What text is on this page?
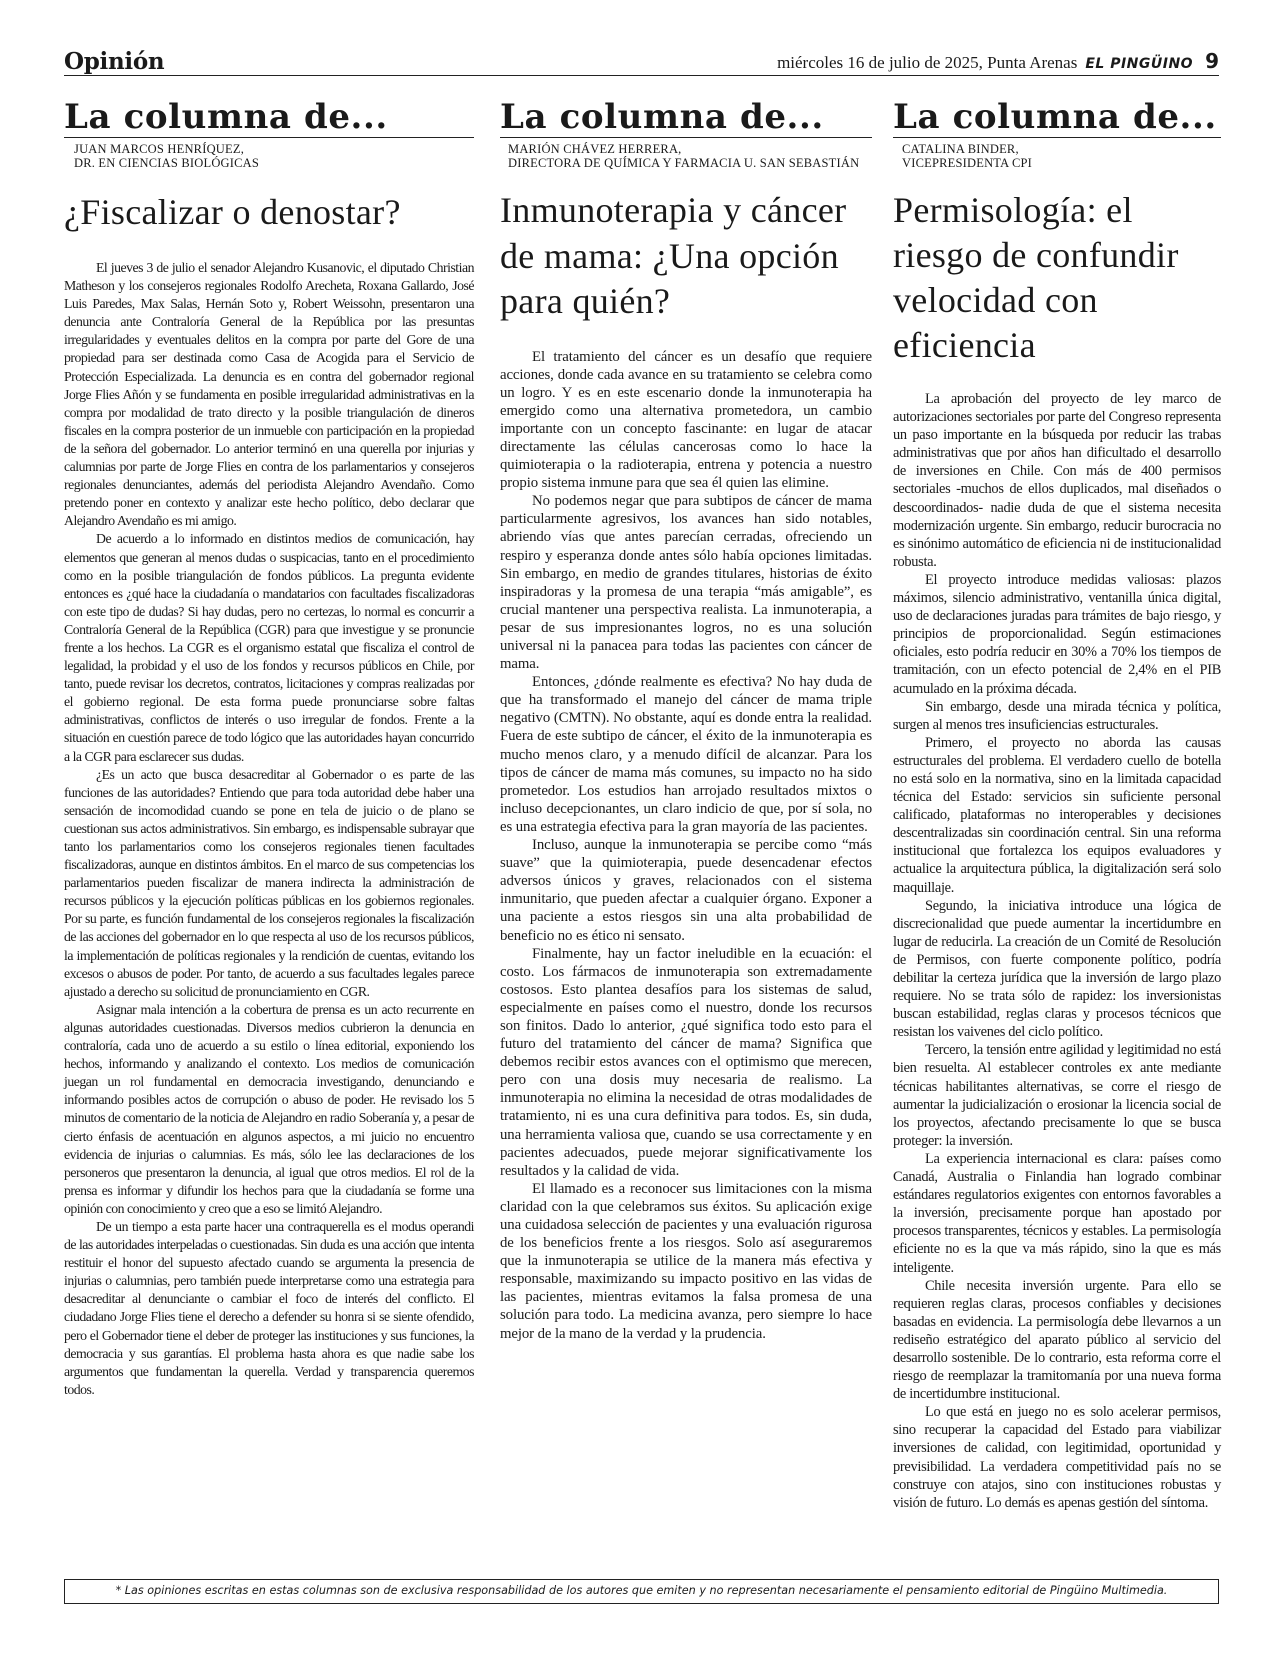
Opinión	miércoles 16 de julio de 2025, Punta Arenas EL PINGÜINO 9
La columna de...
JUAN MARCOS HENRÍQUEZ,
DR. EN CIENCIAS BIOLÓGICAS
¿Fiscalizar o denostar?

El jueves 3 de julio el senador Alejandro Kusanovic, el diputado Christian Matheson y los consejeros regionales Rodolfo Arecheta, Roxana Gallardo, José Luis Paredes, Max Salas, Hernán Soto y, Robert Weissohn, presentaron una denuncia ante Contraloría General de la República por las presuntas irregularidades y eventuales delitos en la compra por parte del Gore de una propiedad para ser destinada como Casa de Acogida para el Servicio de Protección Especializada. La denuncia es en contra del gobernador regional Jorge Flies Añón y se fundamenta en posible irregularidad administrativas en la compra por modalidad de trato directo y la posible triangulación de dineros fiscales en la compra posterior de un inmueble con participación en la propiedad de la señora del gobernador. Lo anterior terminó en una querella por injurias y calumnias por parte de Jorge Flies en contra de los parlamentarios y consejeros regionales denunciantes, además del periodista Alejandro Avendaño. Como pretendo poner en contexto y analizar este hecho político, debo declarar que Alejandro Avendaño es mi amigo.

De acuerdo a lo informado en distintos medios de comunicación, hay elementos que generan al menos dudas o suspicacias, tanto en el procedimiento como en la posible triangulación de fondos públicos. La pregunta evidente entonces es ¿qué hace la ciudadanía o mandatarios con facultades fiscalizadoras con este tipo de dudas? Si hay dudas, pero no certezas, lo normal es concurrir a Contraloría General de la República (CGR) para que investigue y se pronuncie frente a los hechos. La CGR es el organismo estatal que fiscaliza el control de legalidad, la probidad y el uso de los fondos y recursos públicos en Chile, por tanto, puede revisar los decretos, contratos, licitaciones y compras realizadas por el gobierno regional. De esta forma puede pronunciarse sobre faltas administrativas, conflictos de interés o uso irregular de fondos. Frente a la situación en cuestión parece de todo lógico que las autoridades hayan concurrido a la CGR para esclarecer sus dudas.

¿Es un acto que busca desacreditar al Gobernador o es parte de las funciones de las autoridades? Entiendo que para toda autoridad debe haber una sensación de incomodidad cuando se pone en tela de juicio o de plano se cuestionan sus actos administrativos. Sin embargo, es indispensable subrayar que tanto los parlamentarios como los consejeros regionales tienen facultades fiscalizadoras, aunque en distintos ámbitos. En el marco de sus competencias los parlamentarios pueden fiscalizar de manera indirecta la administración de recursos públicos y la ejecución políticas públicas en los gobiernos regionales. Por su parte, es función fundamental de los consejeros regionales la fiscalización de las acciones del gobernador en lo que respecta al uso de los recursos públicos, la implementación de políticas regionales y la rendición de cuentas, evitando los excesos o abusos de poder. Por tanto, de acuerdo a sus facultades legales parece ajustado a derecho su solicitud de pronunciamiento en CGR.

Asignar mala intención a la cobertura de prensa es un acto recurrente en algunas autoridades cuestionadas. Diversos medios cubrieron la denuncia en contraloría, cada uno de acuerdo a su estilo o línea editorial, exponiendo los hechos, informando y analizando el contexto. Los medios de comunicación juegan un rol fundamental en democracia investigando, denunciando e informando posibles actos de corrupción o abuso de poder. He revisado los 5 minutos de comentario de la noticia de Alejandro en radio Soberanía y, a pesar de cierto énfasis de acentuación en algunos aspectos, a mi juicio no encuentro evidencia de injurias o calumnias. Es más, sólo lee las declaraciones de los personeros que presentaron la denuncia, al igual que otros medios. El rol de la prensa es informar y difundir los hechos para que la ciudadanía se forme una opinión con conocimiento y creo que a eso se limitó Alejandro.

De un tiempo a esta parte hacer una contraquerella es el modus operandi de las autoridades interpeladas o cuestionadas. Sin duda es una acción que intenta restituir el honor del supuesto afectado cuando se argumenta la presencia de injurias o calumnias, pero también puede interpretarse como una estrategia para desacreditar al denunciante o cambiar el foco de interés del conflicto. El ciudadano Jorge Flies tiene el derecho a defender su honra si se siente ofendido, pero el Gobernador tiene el deber de proteger las instituciones y sus funciones, la democracia y sus garantías. El problema hasta ahora es que nadie sabe los argumentos que fundamentan la querella. Verdad y transparencia queremos todos.

La columna de...
MARIÓN CHÁVEZ HERRERA,
DIRECTORA DE QUÍMICA Y FARMACIA U. SAN SEBASTIÁN
Inmunoterapia y cáncer de mama: ¿Una opción para quién?

El tratamiento del cáncer es un desafío que requiere acciones, donde cada avance en su tratamiento se celebra como un logro. Y es en este escenario donde la inmunoterapia ha emergido como una alternativa prometedora, un cambio importante con un concepto fascinante: en lugar de atacar directamente las células cancerosas como lo hace la quimioterapia o la radioterapia, entrena y potencia a nuestro propio sistema inmune para que sea él quien las elimine.

No podemos negar que para subtipos de cáncer de mama particularmente agresivos, los avances han sido notables, abriendo vías que antes parecían cerradas, ofreciendo un respiro y esperanza donde antes sólo había opciones limitadas. Sin embargo, en medio de grandes titulares, historias de éxito inspiradoras y la promesa de una terapia “más amigable”, es crucial mantener una perspectiva realista. La inmunoterapia, a pesar de sus impresionantes logros, no es una solución universal ni la panacea para todas las pacientes con cáncer de mama.

Entonces, ¿dónde realmente es efectiva? No hay duda de que ha transformado el manejo del cáncer de mama triple negativo (CMTN). No obstante, aquí es donde entra la realidad. Fuera de este subtipo de cáncer, el éxito de la inmunoterapia es mucho menos claro, y a menudo difícil de alcanzar. Para los tipos de cáncer de mama más comunes, su impacto no ha sido prometedor. Los estudios han arrojado resultados mixtos o incluso decepcionantes, un claro indicio de que, por sí sola, no es una estrategia efectiva para la gran mayoría de las pacientes.

Incluso, aunque la inmunoterapia se percibe como “más suave” que la quimioterapia, puede desencadenar efectos adversos únicos y graves, relacionados con el sistema inmunitario, que pueden afectar a cualquier órgano. Exponer a una paciente a estos riesgos sin una alta probabilidad de beneficio no es ético ni sensato.

Finalmente, hay un factor ineludible en la ecuación: el costo. Los fármacos de inmunoterapia son extremadamente costosos. Esto plantea desafíos para los sistemas de salud, especialmente en países como el nuestro, donde los recursos son finitos. Dado lo anterior, ¿qué significa todo esto para el futuro del tratamiento del cáncer de mama? Significa que debemos recibir estos avances con el optimismo que merecen, pero con una dosis muy necesaria de realismo. La inmunoterapia no elimina la necesidad de otras modalidades de tratamiento, ni es una cura definitiva para todos. Es, sin duda, una herramienta valiosa que, cuando se usa correctamente y en pacientes adecuados, puede mejorar significativamente los resultados y la calidad de vida.

El llamado es a reconocer sus limitaciones con la misma claridad con la que celebramos sus éxitos. Su aplicación exige una cuidadosa selección de pacientes y una evaluación rigurosa de los beneficios frente a los riesgos. Solo así aseguraremos que la inmunoterapia se utilice de la manera más efectiva y responsable, maximizando su impacto positivo en las vidas de las pacientes, mientras evitamos la falsa promesa de una solución para todo. La medicina avanza, pero siempre lo hace mejor de la mano de la verdad y la prudencia.

La columna de...
CATALINA BINDER,
VICEPRESIDENTA CPI
Permisología: el riesgo de confundir velocidad con eficiencia

La aprobación del proyecto de ley marco de autorizaciones sectoriales por parte del Congreso representa un paso importante en la búsqueda por reducir las trabas administrativas que por años han dificultado el desarrollo de inversiones en Chile. Con más de 400 permisos sectoriales -muchos de ellos duplicados, mal diseñados o descoordinados- nadie duda de que el sistema necesita modernización urgente. Sin embargo, reducir burocracia no es sinónimo automático de eficiencia ni de institucionalidad robusta.

El proyecto introduce medidas valiosas: plazos máximos, silencio administrativo, ventanilla única digital, uso de declaraciones juradas para trámites de bajo riesgo, y principios de proporcionalidad. Según estimaciones oficiales, esto podría reducir en 30% a 70% los tiempos de tramitación, con un efecto potencial de 2,4% en el PIB acumulado en la próxima década.

Sin embargo, desde una mirada técnica y política, surgen al menos tres insuficiencias estructurales.

Primero, el proyecto no aborda las causas estructurales del problema. El verdadero cuello de botella no está solo en la normativa, sino en la limitada capacidad técnica del Estado: servicios sin suficiente personal calificado, plataformas no interoperables y decisiones descentralizadas sin coordinación central. Sin una reforma institucional que fortalezca los equipos evaluadores y actualice la arquitectura pública, la digitalización será solo maquillaje.

Segundo, la iniciativa introduce una lógica de discrecionalidad que puede aumentar la incertidumbre en lugar de reducirla. La creación de un Comité de Resolución de Permisos, con fuerte componente político, podría debilitar la certeza jurídica que la inversión de largo plazo requiere. No se trata sólo de rapidez: los inversionistas buscan estabilidad, reglas claras y procesos técnicos que resistan los vaivenes del ciclo político.

Tercero, la tensión entre agilidad y legitimidad no está bien resuelta. Al establecer controles ex ante mediante técnicas habilitantes alternativas, se corre el riesgo de aumentar la judicialización o erosionar la licencia social de los proyectos, afectando precisamente lo que se busca proteger: la inversión.

La experiencia internacional es clara: países como Canadá, Australia o Finlandia han logrado combinar estándares regulatorios exigentes con entornos favorables a la inversión, precisamente porque han apostado por procesos transparentes, técnicos y estables. La permisología eficiente no es la que va más rápido, sino la que es más inteligente.

Chile necesita inversión urgente. Para ello se requieren reglas claras, procesos confiables y decisiones basadas en evidencia. La permisología debe llevarnos a un rediseño estratégico del aparato público al servicio del desarrollo sostenible. De lo contrario, esta reforma corre el riesgo de reemplazar la tramitomanía por una nueva forma de incertidumbre institucional.

Lo que está en juego no es solo acelerar permisos, sino recuperar la capacidad del Estado para viabilizar inversiones de calidad, con legitimidad, oportunidad y previsibilidad. La verdadera competitividad país no se construye con atajos, sino con instituciones robustas y visión de futuro. Lo demás es apenas gestión del síntoma.

* Las opiniones escritas en estas columnas son de exclusiva responsabilidad de los autores que emiten y no representan necesariamente el pensamiento editorial de Pingüino Multimedia.
